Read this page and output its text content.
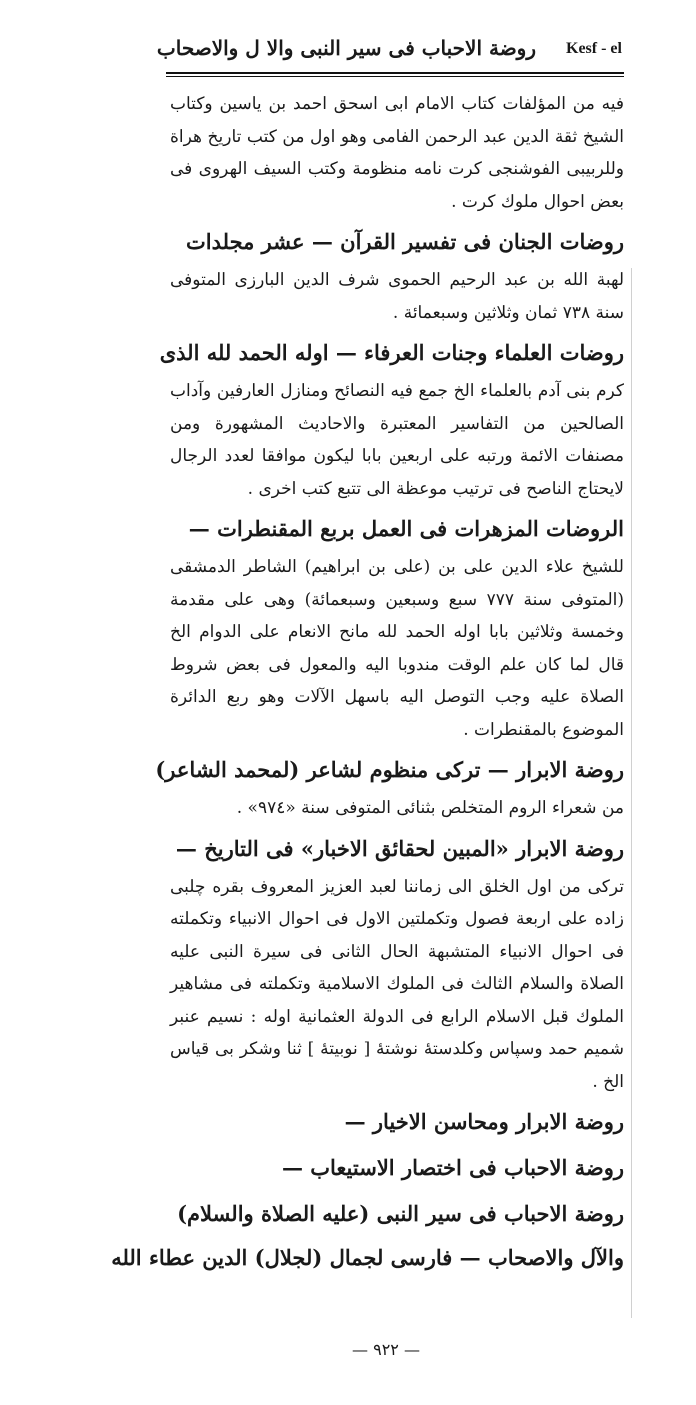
روضة الاحباب فى سير النبى والا ل والاصحاب Kesf - el
فيه من المؤلفات كتاب الامام ابى اسحق احمد بن ياسين وكتاب الشيخ ثقة الدين عبد الرحمن الفامى وهو اول من كتب تاريخ هراة وللربيبى الفوشنجى كرت نامه منظومة وكتب السيف الهروى فى بعض احوال ملوك كرت .
روضات الجنان فى تفسير القرآن — عشر مجلدات
لهبة الله بن عبد الرحيم الحموى شرف الدين البارزى المتوفى سنة ٧٣٨ ثمان وثلاثين وسبعمائة .
روضات العلماء وجنات العرفاء — اوله الحمد لله الذى
كرم بنى آدم بالعلماء الخ جمع فيه النصائح ومنازل العارفين وآداب الصالحين من التفاسير المعتبرة والاحاديث المشهورة ومن مصنفات الائمة ورتبه على اربعين بابا ليكون موافقا لعدد الرجال لايحتاج الناصح فى ترتيب موعظة الى تتبع كتب اخرى .
الروضات المزهرات فى العمل بربع المقنطرات —
للشيخ علاء الدين على بن (على بن ابراهيم) الشاطر الدمشقى (المتوفى سنة ٧٧٧ سبع وسبعين وسبعمائة) وهى على مقدمة وخمسة وثلاثين بابا اوله الحمد لله مانح الانعام على الدوام الخ قال لما كان علم الوقت مندوبا اليه والمعول فى بعض شروط الصلاة عليه وجب التوصل اليه باسهل الآلات وهو ربع الدائرة الموضوع بالمقنطرات .
روضة الابرار — تركى منظوم لشاعر (لمحمد الشاعر)
من شعراء الروم المتخلص بثنائى المتوفى سنة «٩٧٤» .
روضة الابرار «المبين لحقائق الاخبار» فى التاريخ —
تركى من اول الخلق الى زماننا لعبد العزيز المعروف بقره چلبى زاده على اربعة فصول وتكملتين الاول فى احوال الانبياء وتكملته فى احوال الانبياء المتشبهة الحال الثانى فى سيرة النبى عليه الصلاة والسلام الثالث فى الملوك الاسلامية وتكملته فى مشاهير الملوك قبل الاسلام الرابع فى الدولة العثمانية اوله : نسيم عنبر شميم حمد وسپاس وكلدستهٔ نوشتهٔ [ نوبيتهٔ ] ثنا وشكر بى قياس الخ .
روضة الابرار ومحاسن الاخيار —
روضة الاحباب فى اختصار الاستيعاب —
روضة الاحباب فى سير النبى (عليه الصلاة والسلام)
والآل والاصحاب — فارسى لجمال (لجلال) الدين عطاء الله
— ٩٢٢ —
